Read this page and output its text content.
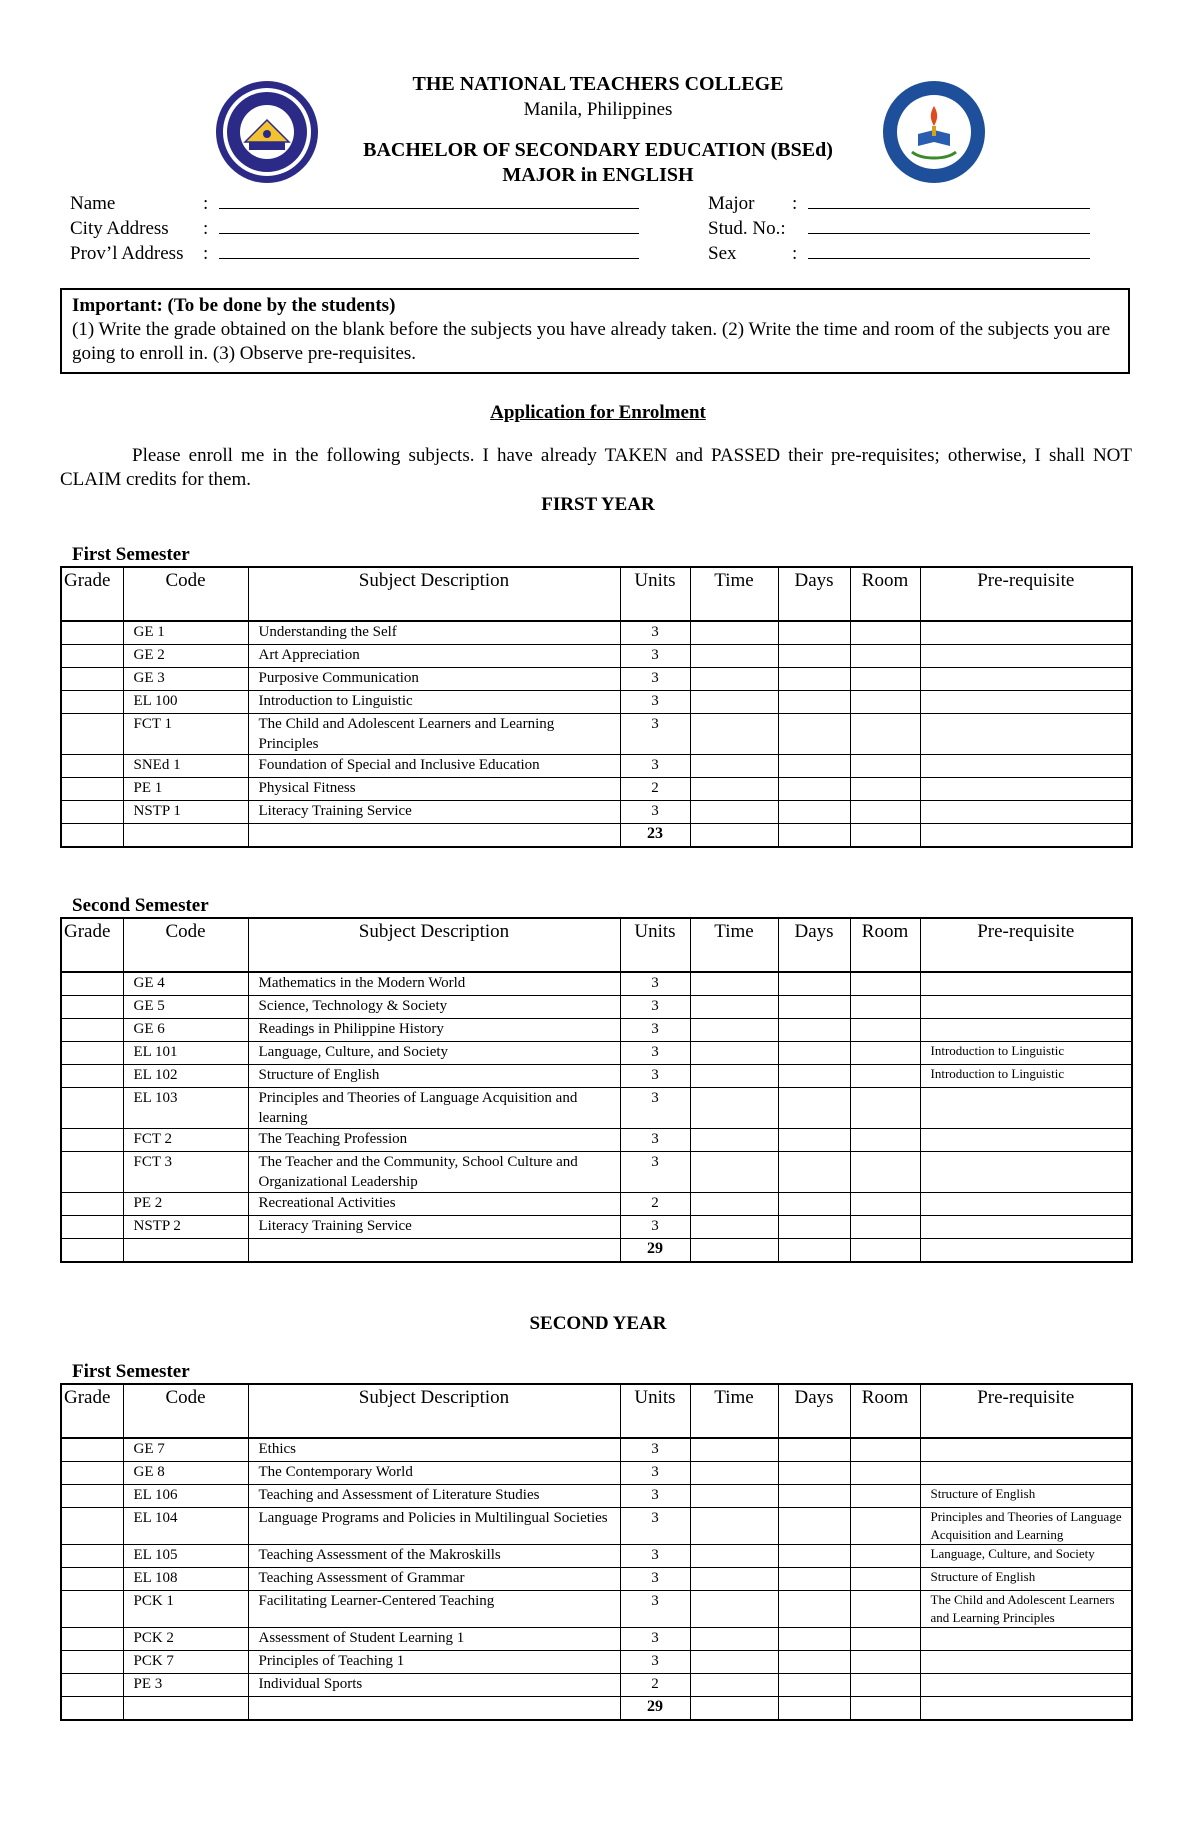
THE NATIONAL TEACHERS COLLEGE
Manila, Philippines
BACHELOR OF SECONDARY EDUCATION (BSEd)
MAJOR in ENGLISH
Name	:
City Address :
Prov’l Address :
Major :
Stud. No.:
Sex	:
Important: (To be done by the students)
(1) Write the grade obtained on the blank before the subjects you have already taken. (2) Write the time and room of the subjects you are going to enroll in. (3) Observe pre-requisites.
Application for Enrolment
Please enroll me in the following subjects. I have already TAKEN and PASSED their pre-requisites; otherwise, I shall NOT CLAIM credits for them.
FIRST YEAR
First Semester
Grade	Code	Subject Description	Units	Time	Days	Room	Pre-requisite
	GE 1	Understanding the Self	3				
	GE 2	Art Appreciation	3				
	GE 3	Purposive Communication	3				
	EL 100	Introduction to Linguistic	3				
	FCT 1	The Child and Adolescent Learners and Learning Principles	3				
	SNEd 1	Foundation of Special and Inclusive Education	3				
	PE 1	Physical Fitness	2				
	NSTP 1	Literacy Training Service	3				
			23				
Second Semester
Grade	Code	Subject Description	Units	Time	Days	Room	Pre-requisite
	GE 4	Mathematics in the Modern World	3				
	GE 5	Science, Technology & Society	3				
	GE 6	Readings in Philippine History	3				
	EL 101	Language, Culture, and Society	3				Introduction to Linguistic
	EL 102	Structure of English	3				Introduction to Linguistic
	EL 103	Principles and Theories of Language Acquisition and learning	3				
	FCT 2	The Teaching Profession	3				
	FCT 3	The Teacher and the Community, School Culture and Organizational Leadership	3				
	PE 2	Recreational Activities	2				
	NSTP 2	Literacy Training Service	3				
			29				
SECOND YEAR
First Semester
Grade	Code	Subject Description	Units	Time	Days	Room	Pre-requisite
	GE 7	Ethics	3				
	GE 8	The Contemporary World	3				
	EL 106	Teaching and Assessment of Literature Studies	3				Structure of English
	EL 104	Language Programs and Policies in Multilingual Societies	3				Principles and Theories of Language Acquisition and Learning
	EL 105	Teaching Assessment of the Makroskills	3				Language, Culture, and Society
	EL 108	Teaching Assessment of Grammar	3				Structure of English
	PCK 1	Facilitating Learner-Centered Teaching	3				The Child and Adolescent Learners and Learning Principles
	PCK 2	Assessment of Student Learning 1	3				
	PCK 7	Principles of Teaching 1	3				
	PE 3	Individual Sports	2				
			29				
